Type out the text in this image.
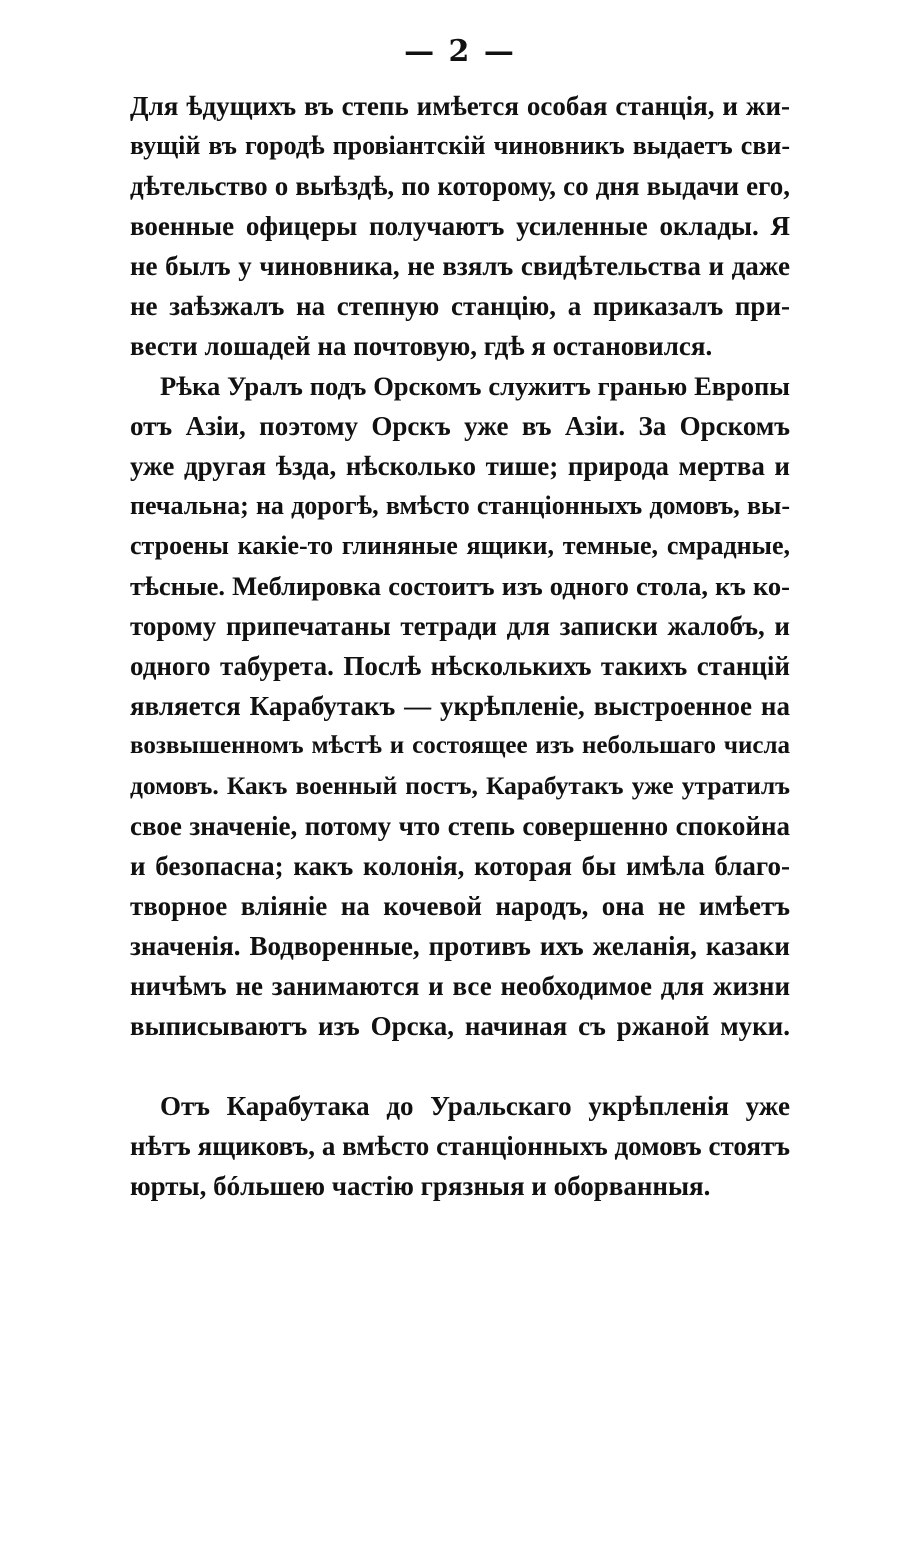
— 2 —

Для ѣдущихъ въ степь имѣется особая станція, и жи-
вущій въ городѣ провіантскій чиновникъ выдаетъ сви-
дѣтельство о выѣздѣ, по которому, со дня выдачи его,
военные офицеры получаютъ усиленные оклады. Я
не былъ у чиновника, не взялъ свидѣтельства и даже
не заѣзжалъ на степную станцію, а приказалъ при-
вести лошадей на почтовую, гдѣ я остановился.

Рѣка Уралъ подъ Орскомъ служитъ гранью Европы
отъ Азіи, поэтому Орскъ уже въ Азіи. За Орскомъ
уже другая ѣзда, нѣсколько тише; природа мертва и
печальна; на дорогѣ, вмѣсто станціонныхъ домовъ, вы-
строены какіе-то глиняные ящики, темные, смрадные,
тѣсные. Меблировка состоитъ изъ одного стола, къ ко-
торому припечатаны тетради для записки жалобъ, и
одного табурета. Послѣ нѣсколькихъ такихъ станцій
является Карабутакъ — укрѣпленіе, выстроенное на
возвышенномъ мѣстѣ и состоящее изъ небольшаго числа
домовъ. Какъ военный постъ, Карабутакъ уже утратилъ
свое значеніе, потому что степь совершенно спокойна
и безопасна; какъ колонія, которая бы имѣла благо-
творное вліяніе на кочевой народъ, она не имѣетъ
значенія. Водворенные, противъ ихъ желанія, казаки
ничѣмъ не занимаются и все необходимое для жизни
выписываютъ изъ Орска, начиная съ ржаной муки.

Отъ Карабутака до Уральскаго укрѣпленія уже
нѣтъ ящиковъ, а вмѣсто станціонныхъ домовъ стоятъ
юрты, бóльшею частію грязныя и оборванныя.
